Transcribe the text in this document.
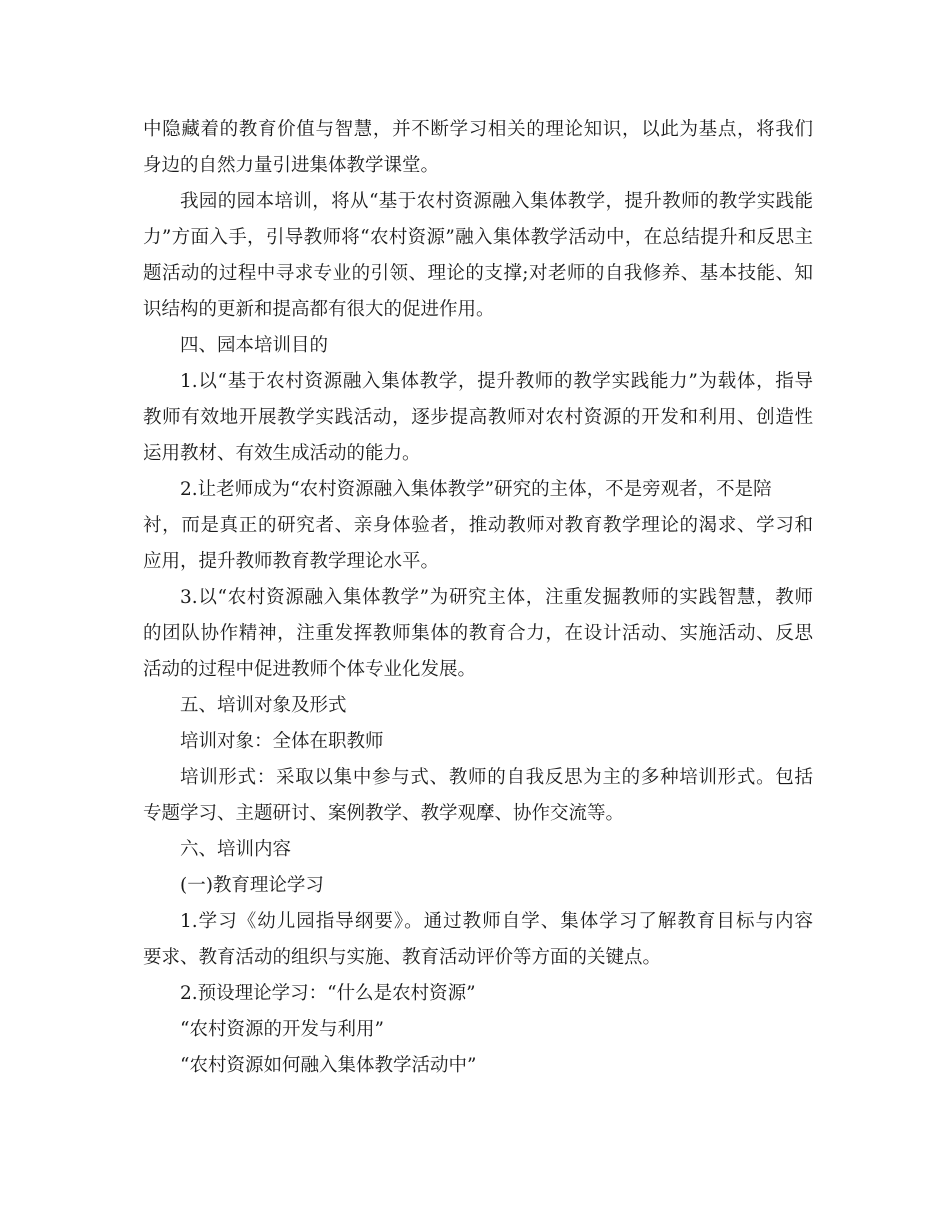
中隐藏着的教育价值与智慧，并不断学习相关的理论知识，以此为基点，将我们
身边的自然力量引进集体教学课堂。
我园的园本培训，将从“基于农村资源融入集体教学，提升教师的教学实践能
力”方面入手，引导教师将“农村资源”融入集体教学活动中，在总结提升和反思主
题活动的过程中寻求专业的引领、理论的支撑;对老师的自我修养、基本技能、知
识结构的更新和提高都有很大的促进作用。
四、园本培训目的
1.以“基于农村资源融入集体教学，提升教师的教学实践能力”为载体，指导
教师有效地开展教学实践活动，逐步提高教师对农村资源的开发和利用、创造性
运用教材、有效生成活动的能力。
2.让老师成为“农村资源融入集体教学”研究的主体，不是旁观者，不是陪
衬，而是真正的研究者、亲身体验者，推动教师对教育教学理论的渴求、学习和
应用，提升教师教育教学理论水平。
3.以“农村资源融入集体教学”为研究主体，注重发掘教师的实践智慧，教师
的团队协作精神，注重发挥教师集体的教育合力，在设计活动、实施活动、反思
活动的过程中促进教师个体专业化发展。
五、培训对象及形式
培训对象：全体在职教师
培训形式：采取以集中参与式、教师的自我反思为主的多种培训形式。包括
专题学习、主题研讨、案例教学、教学观摩、协作交流等。
六、培训内容
(一)教育理论学习
1.学习《幼儿园指导纲要》。通过教师自学、集体学习了解教育目标与内容
要求、教育活动的组织与实施、教育活动评价等方面的关键点。
2.预设理论学习：“什么是农村资源”
“农村资源的开发与利用”
“农村资源如何融入集体教学活动中”
